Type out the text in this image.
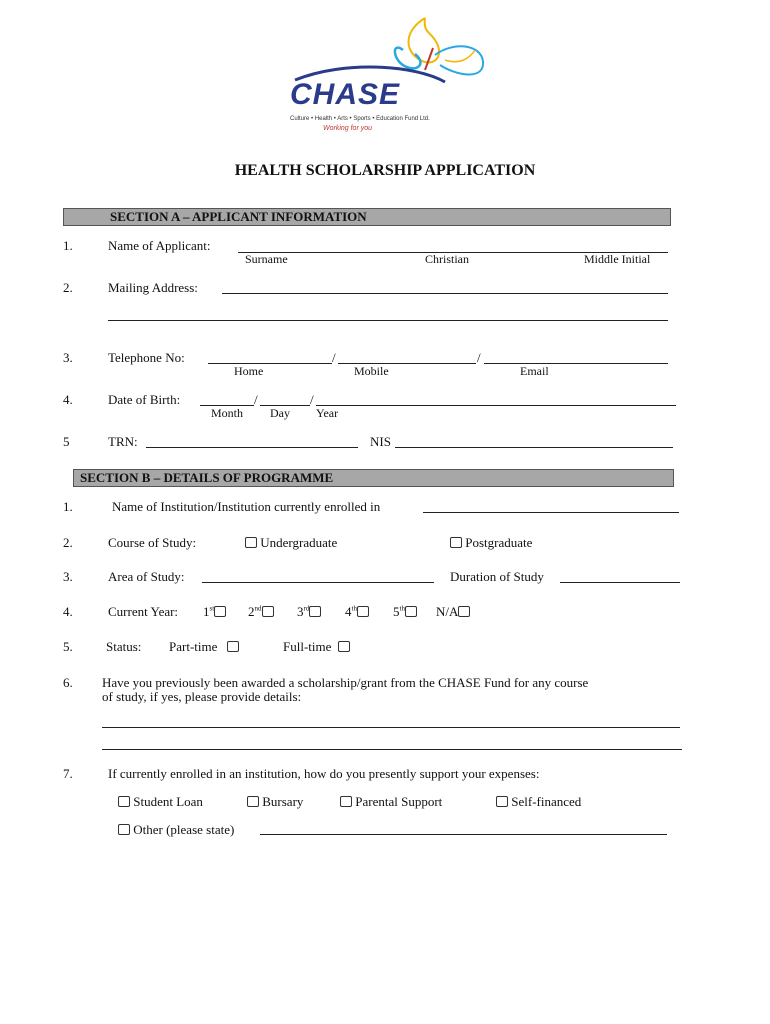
CHASE
Culture • Health • Arts • Sports • Education Fund Ltd.
Working for you
HEALTH SCHOLARSHIP APPLICATION
SECTION A – APPLICANT INFORMATION
1.	Name of Applicant:
Surname	Christian	Middle Initial
2.	Mailing Address:
3.	Telephone No:	/	/
Home	Mobile	Email
4.	Date of Birth:	/	/
Month Day Year
5	TRN:	NIS
SECTION B – DETAILS OF PROGRAMME
1.	Name of Institution/Institution currently enrolled in
2.	Course of Study:	Undergraduate	Postgraduate
3.	Area of Study:	Duration of Study
4.	Current Year: 1st	2nd	3rd	4th	5th	N/A
5.	Status: Part-time	Full-time
6. Have you previously been awarded a scholarship/grant from the CHASE Fund for any course
of study, if yes, please provide details:
7.	If currently enrolled in an institution, how do you presently support your expenses:
Student Loan	Bursary	Parental Support	Self-financed
Other (please state)
